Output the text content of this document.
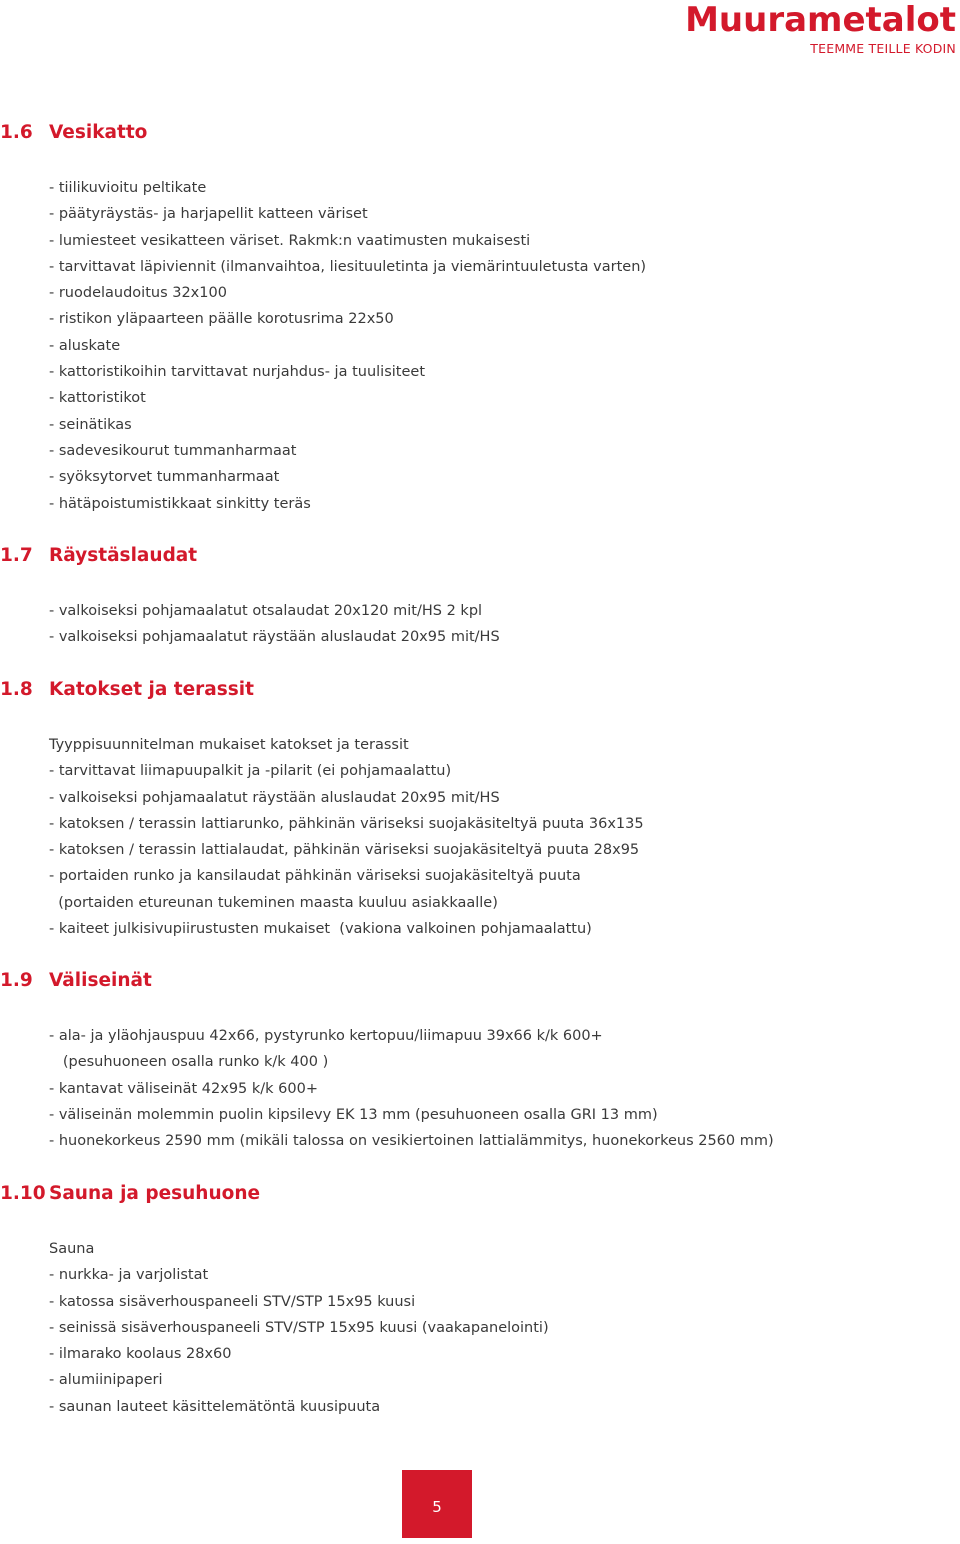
Muurametalot
TEEMME TEILLE KODIN
1.6 Vesikatto
- tiilikuvioitu peltikate
- päätyräystäs- ja harjapellit katteen väriset
- lumiesteet vesikatteen väriset. Rakmk:n vaatimusten mukaisesti
- tarvittavat läpiviennit (ilmanvaihtoa, liesituuletinta ja viemärintuuletusta varten)
- ruodelaudoitus 32x100
- ristikon yläpaarteen päälle korotusrima 22x50
- aluskate
- kattoristikoihin tarvittavat nurjahdus- ja tuulisiteet
- kattoristikot
- seinätikas
- sadevesikourut tummanharmaat
- syöksytorvet tummanharmaat
- hätäpoistumistikkaat sinkitty teräs
1.7 Räystäslaudat
- valkoiseksi pohjamaalatut otsalaudat 20x120 mit/HS 2 kpl
- valkoiseksi pohjamaalatut räystään aluslaudat 20x95 mit/HS
1.8 Katokset ja terassit
Tyyppisuunnitelman mukaiset katokset ja terassit
- tarvittavat liimapuupalkit ja -pilarit (ei pohjamaalattu)
- valkoiseksi pohjamaalatut räystään aluslaudat 20x95 mit/HS
- katoksen / terassin lattiarunko, pähkinän väriseksi suojakäsiteltyä puuta 36x135
- katoksen / terassin lattialaudat, pähkinän väriseksi suojakäsiteltyä puuta 28x95
- portaiden runko ja kansilaudat pähkinän väriseksi suojakäsiteltyä puuta
(portaiden etureunan tukeminen maasta kuuluu asiakkaalle)
- kaiteet julkisivupiirustusten mukaiset  (vakiona valkoinen pohjamaalattu)
1.9 Väliseinät
- ala- ja yläohjauspuu 42x66, pystyrunko kertopuu/liimapuu 39x66 k/k 600+
(pesuhuoneen osalla runko k/k 400 )
- kantavat väliseinät 42x95 k/k 600+
- väliseinän molemmin puolin kipsilevy EK 13 mm (pesuhuoneen osalla GRI 13 mm)
- huonekorkeus 2590 mm (mikäli talossa on vesikiertoinen lattialämmitys, huonekorkeus 2560 mm)
1.10 Sauna ja pesuhuone
Sauna
- nurkka- ja varjolistat
- katossa sisäverhouspaneeli STV/STP 15x95 kuusi
- seinissä sisäverhouspaneeli STV/STP 15x95 kuusi (vaakapanelointi)
- ilmarako koolaus 28x60
- alumiinipaperi
- saunan lauteet käsittelemätöntä kuusipuuta
5
